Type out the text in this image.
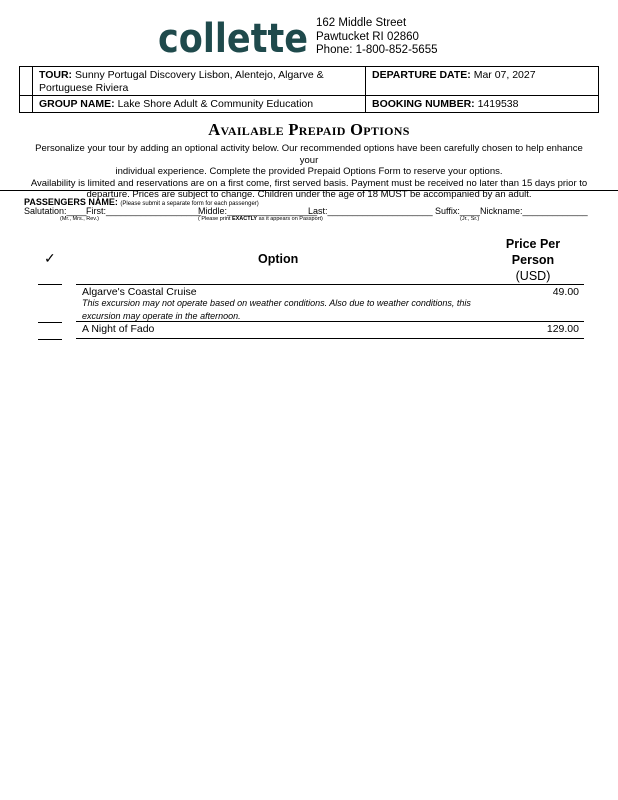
collette 162 Middle Street
Pawtucket RI 02860
Phone: 1-800-852-5655
	TOUR: Sunny Portugal Discovery Lisbon, Alentejo, Algarve & Portuguese Riviera	DEPARTURE DATE: Mar 07, 2027
	GROUP NAME: Lake Shore Adult & Community Education	BOOKING NUMBER: 1419538
Available Prepaid Options
Personalize your tour by adding an optional activity below. Our recommended options have been carefully chosen to help enhance your
individual experience. Complete the provided Prepaid Options Form to reserve your options.
Availability is limited and reservations are on a first come, first served basis. Payment must be received no later than 15 days prior to
departure. Prices are subject to change. Children under the age of 18 MUST be accompanied by an adult.
PASSENGERS NAME: (Please submit a separate form for each passenger)
Salutation:____ First:___________________
Middle:__________________
Last:_____________________ Suffix:____ Nickname:_____________
(Mr., Mrs., Rev.)	( Please print EXACTLY as it appears on Passport)	(Jr., Sr.)
✓	Option
Price Per
Person
(USD)
Algarve's Coastal Cruise	49.00
This excursion may not operate based on weather conditions. Also due to weather conditions, this excursion may operate in the afternoon.
A Night of Fado	129.00
